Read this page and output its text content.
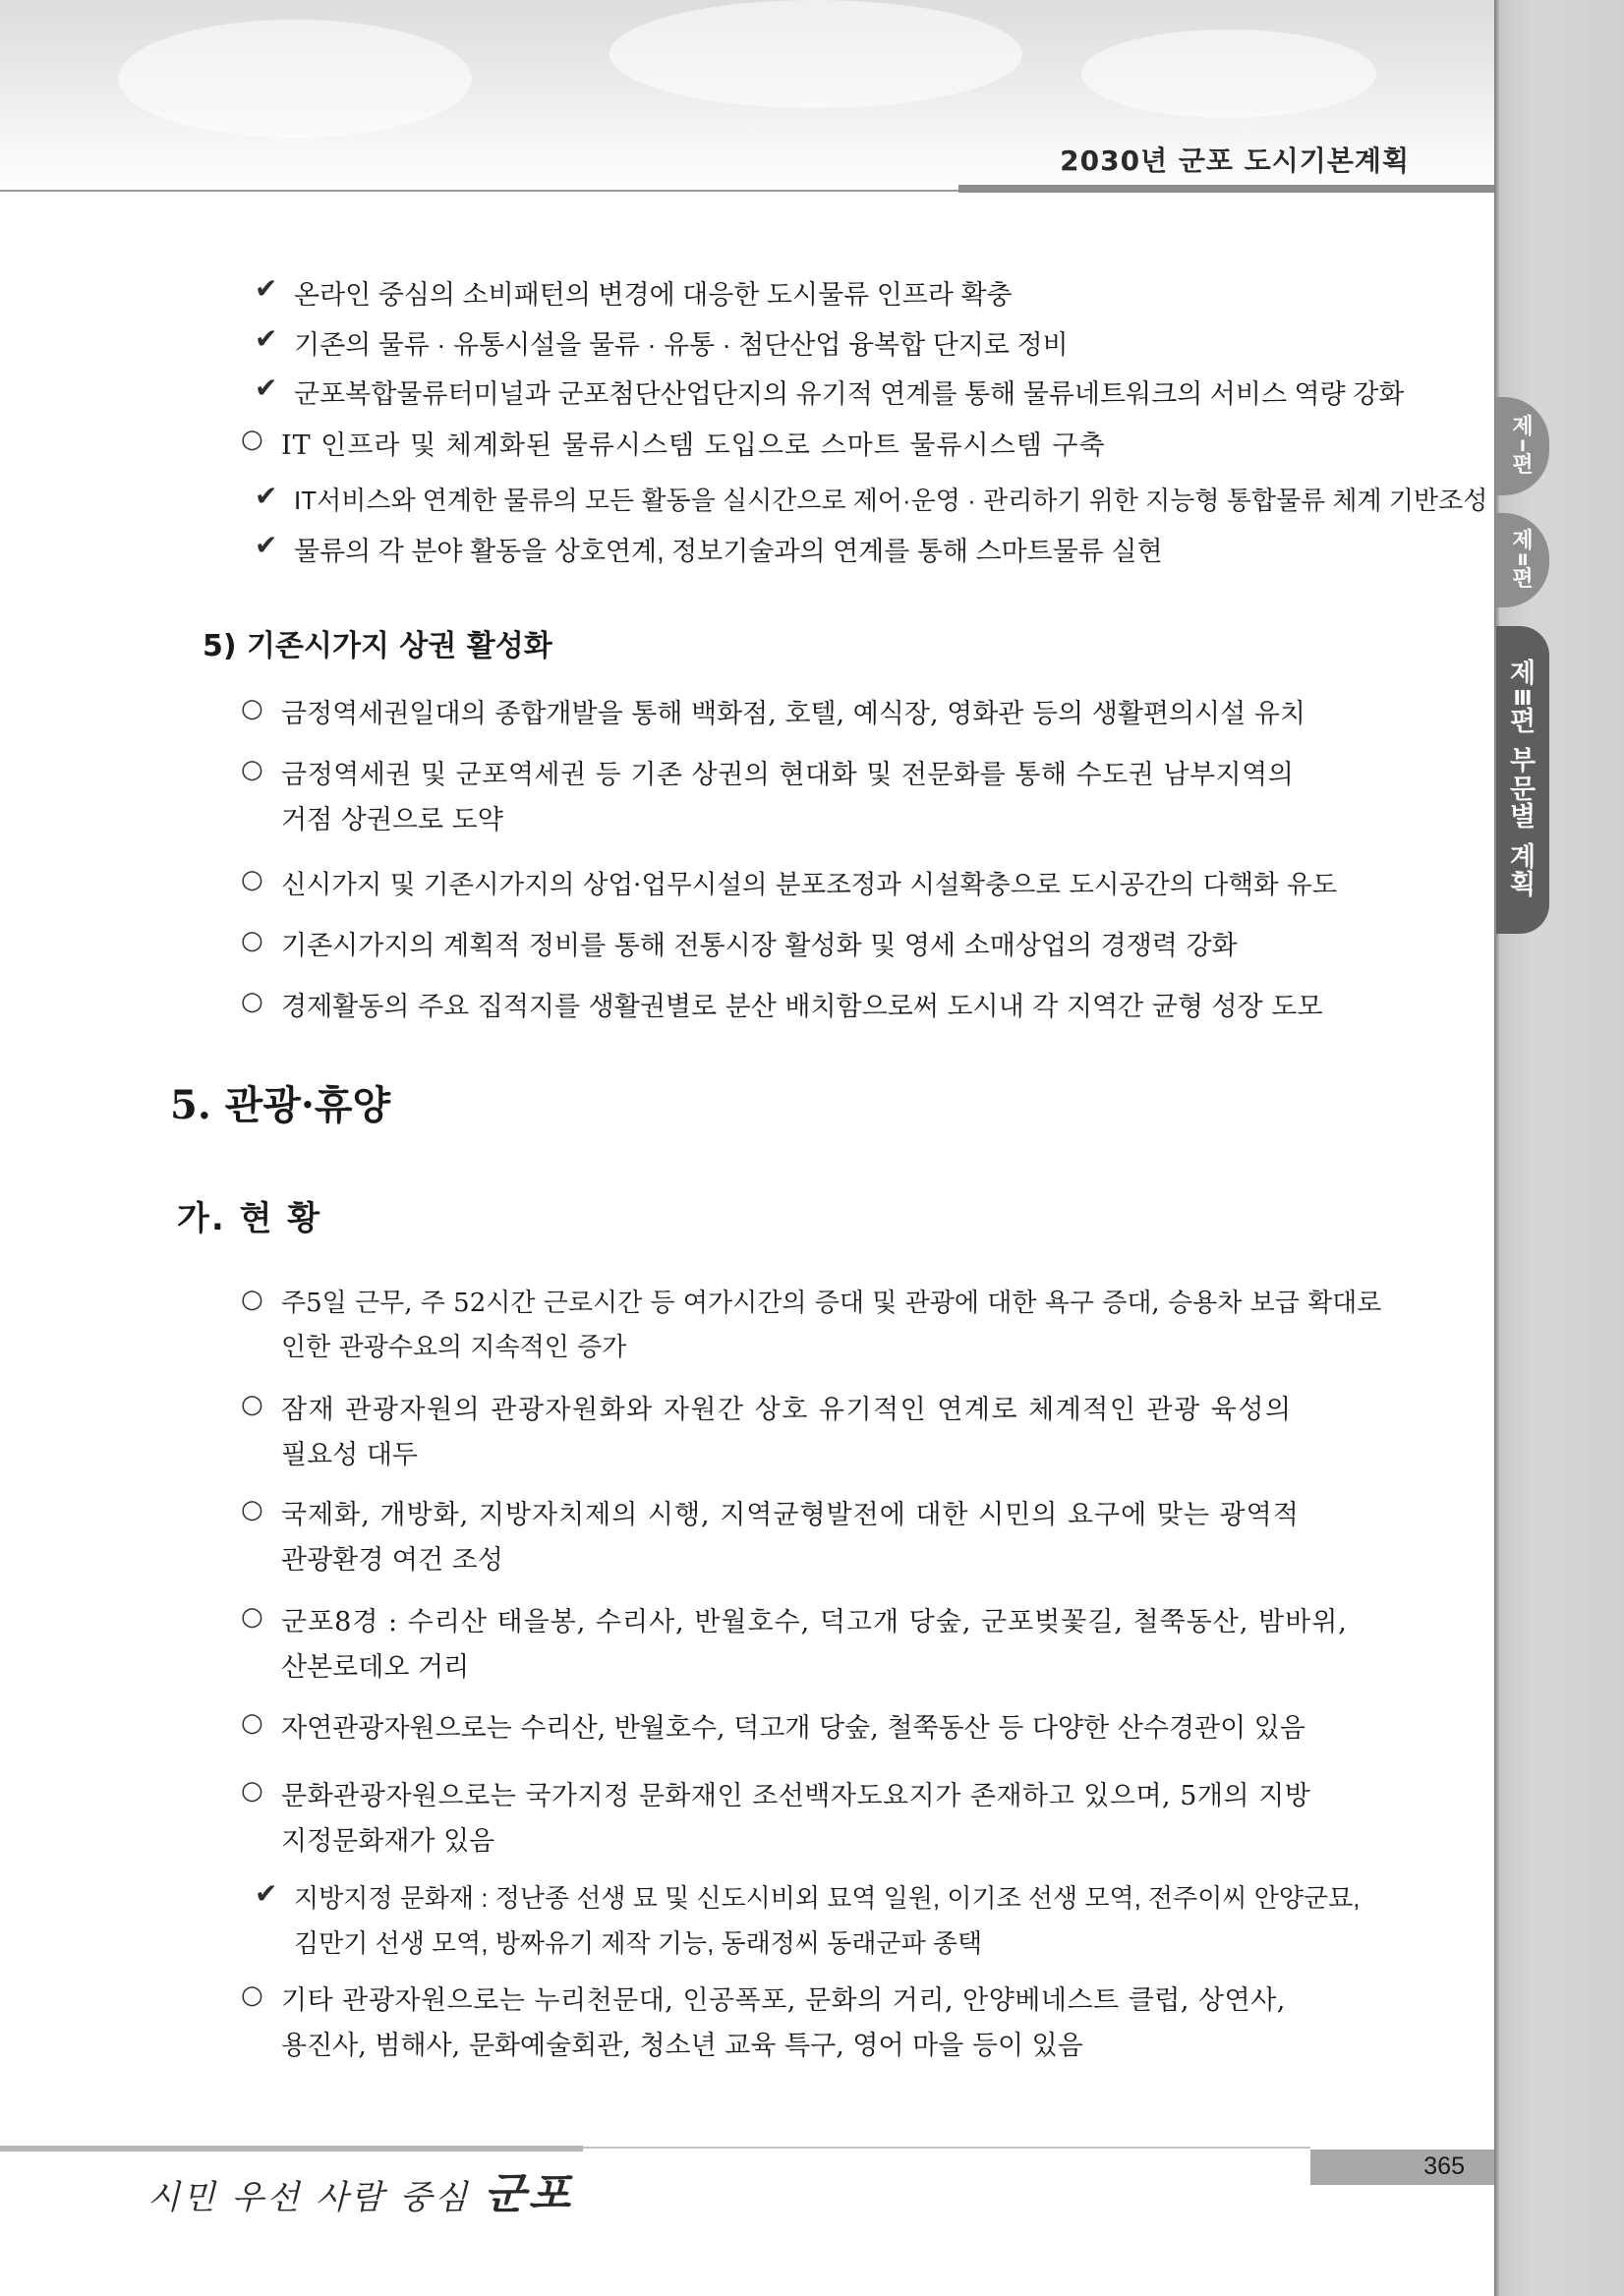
2030년 군포 도시기본계획
제
Ⅰ
편
제
Ⅱ
편
제
Ⅲ
편
부
문
별
계
획
✔ 온라인 중심의 소비패턴의 변경에 대응한 도시물류 인프라 확충
✔ 기존의 물류 · 유통시설을 물류 · 유통 · 첨단산업 융복합 단지로 정비
✔ 군포복합물류터미널과 군포첨단산업단지의 유기적 연계를 통해 물류네트워크의 서비스 역량 강화
○ IT 인프라 및 체계화된 물류시스템 도입으로 스마트 물류시스템 구축
✔ IT서비스와 연계한 물류의 모든 활동을 실시간으로 제어·운영 · 관리하기 위한 지능형 통합물류 체계 기반조성
✔ 물류의 각 분야 활동을 상호연계, 정보기술과의 연계를 통해 스마트물류 실현
5) 기존시가지 상권 활성화
○ 금정역세권일대의 종합개발을 통해 백화점, 호텔, 예식장, 영화관 등의 생활편의시설 유치
○ 금정역세권 및 군포역세권 등 기존 상권의 현대화 및 전문화를 통해 수도권 남부지역의
거점 상권으로 도약
○ 신시가지 및 기존시가지의 상업·업무시설의 분포조정과 시설확충으로 도시공간의 다핵화 유도
○ 기존시가지의 계획적 정비를 통해 전통시장 활성화 및 영세 소매상업의 경쟁력 강화
○ 경제활동의 주요 집적지를 생활권별로 분산 배치함으로써 도시내 각 지역간 균형 성장 도모
5. 관광·휴양
가. 현 황
○ 주5일 근무, 주 52시간 근로시간 등 여가시간의 증대 및 관광에 대한 욕구 증대, 승용차 보급 확대로
인한 관광수요의 지속적인 증가
○ 잠재 관광자원의 관광자원화와 자원간 상호 유기적인 연계로 체계적인 관광 육성의
필요성 대두
○ 국제화, 개방화, 지방자치제의 시행, 지역균형발전에 대한 시민의 요구에 맞는 광역적
관광환경 여건 조성
○ 군포8경 : 수리산 태을봉, 수리사, 반월호수, 덕고개 당숲, 군포벚꽃길, 철쭉동산, 밤바위,
산본로데오 거리
○ 자연관광자원으로는 수리산, 반월호수, 덕고개 당숲, 철쭉동산 등 다양한 산수경관이 있음
○ 문화관광자원으로는 국가지정 문화재인 조선백자도요지가 존재하고 있으며, 5개의 지방
지정문화재가 있음
✔ 지방지정 문화재 : 정난종 선생 묘 및 신도시비외 묘역 일원, 이기조 선생 모역, 전주이씨 안양군묘,
김만기 선생 모역, 방짜유기 제작 기능, 동래정씨 동래군파 종택
○ 기타 관광자원으로는 누리천문대, 인공폭포, 문화의 거리, 안양베네스트 클럽, 상연사,
용진사, 범해사, 문화예술회관, 청소년 교육 특구, 영어 마을 등이 있음
365
시민 우선 사람 중심 군포
